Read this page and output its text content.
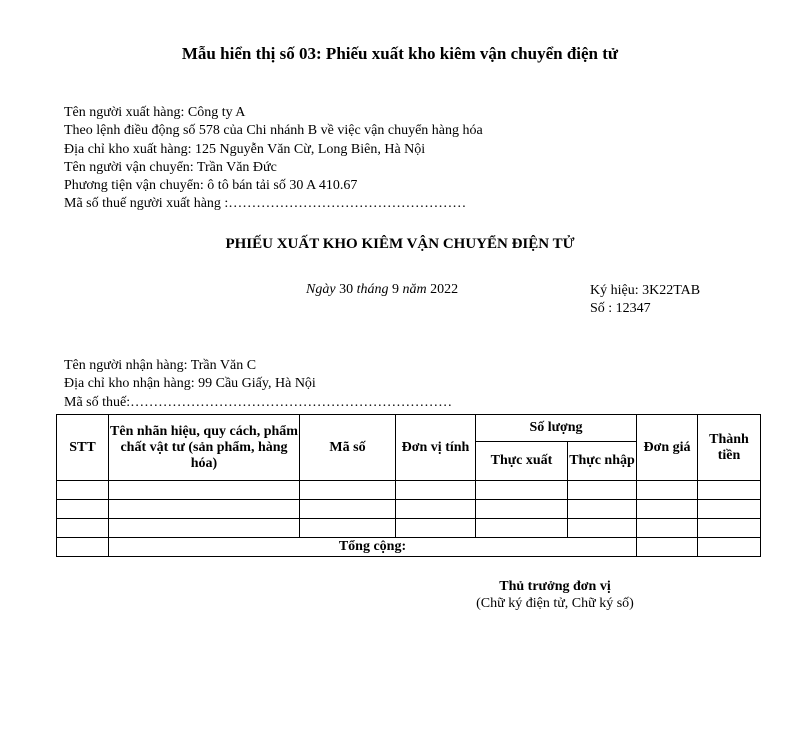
Mẫu hiển thị số 03: Phiếu xuất kho kiêm vận chuyển điện tử
Tên người xuất hàng: Công ty A
Theo lệnh điều động số 578 của Chi nhánh B về việc vận chuyển hàng hóa
Địa chỉ kho xuất hàng: 125 Nguyễn Văn Cừ, Long Biên, Hà Nội
Tên người vận chuyển: Trần Văn Đức
Phương tiện vận chuyển: ô tô bán tải số 30 A 410.67
Mã số thuế người xuất hàng :……………………………………………
PHIẾU XUẤT KHO KIÊM VẬN CHUYỂN ĐIỆN TỬ
Ngày 30 tháng 9 năm 2022	Ký hiệu: 3K22TAB
Số : 12347
Tên người nhận hàng: Trần Văn C
Địa chỉ kho nhận hàng: 99 Cầu Giấy, Hà Nội
Mã số thuế:……………………………………………………………
STT	Tên nhãn hiệu, quy cách, phẩm chất vật tư (sản phẩm, hàng hóa)	Mã số	Đơn vị tính	Số lượng		Đơn giá	Thành tiền
				Thực xuất	Thực nhập		

	Tổng cộng:						
Thủ trưởng đơn vị
(Chữ ký điện tử, Chữ ký số)
